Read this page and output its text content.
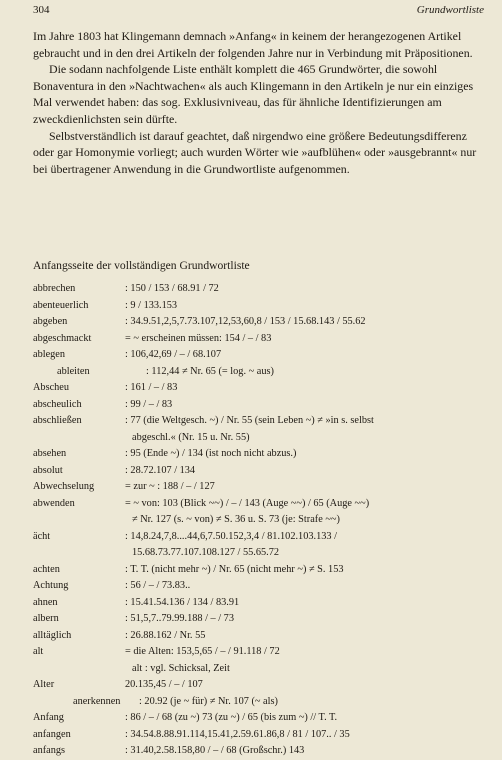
304	Grundwortliste

Im Jahre 1803 hat Klingemann demnach »Anfang« in keinem der herangezogenen Artikel gebraucht und in den drei Artikeln der folgenden Jahre nur in Verbindung mit Präpositionen.

Die sodann nachfolgende Liste enthält komplett die 465 Grundwörter, die sowohl Bonaventura in den »Nachtwachen« als auch Klingemann in den Artikeln je nur ein einziges Mal verwendet haben: das sog. Exklusivniveau, das für ähnliche Identifizierungen am zweckdienlichsten sein dürfte.

Selbstverständlich ist darauf geachtet, daß nirgendwo eine größere Bedeutungsdifferenz oder gar Homonymie vorliegt; auch wurden Wörter wie »aufblühen« oder »ausgebrannt« nur bei übertragener Anwendung in die Grundwortliste aufgenommen.

Anfangsseite der vollständigen Grundwortliste
abbrechen	: 150 / 153 / 68.91 / 72
abenteuerlich	: 9 / 133.153
abgeben	: 34.9.51,2,5,7.73.107,12,53,60,8 / 153 / 15.68.143 / 55.62
abgeschmackt	= ~ erscheinen müssen: 154 / – / 83
ablegen	: 106,42,69 / – / 68.107
ableiten	: 112,44 ≠ Nr. 65 (= log. ~ aus)
Abscheu	: 161 / – / 83
abscheulich	: 99 / – / 83
abschließen	: 77 (die Weltgesch. ~) / Nr. 55 (sein Leben ~) ≠ »in s. selbst
abgeschl.« (Nr. 15 u. Nr. 55)
absehen	: 95 (Ende ~) / 134 (ist noch nicht abzus.)
absolut	: 28.72.107 / 134
Abwechselung	= zur ~ : 188 / – / 127
abwenden	= ~ von: 103 (Blick ~~) / – / 143 (Auge ~~) / 65 (Auge ~~)
≠ Nr. 127 (s. ~ von) ≠ S. 36 u. S. 73 (je: Strafe ~~)
ächt	: 14,8.24,7,8....44,6,7.50.152,3,4 / 81.102.103.133 /
15.68.73.77.107.108.127 / 55.65.72
achten	: T. T. (nicht mehr ~) / Nr. 65 (nicht mehr ~) ≠ S. 153
Achtung	: 56 / – / 73.83..
ahnen	: 15.41.54.136 / 134 / 83.91
albern	: 51,5,7..79.99.188 / – / 73
alltäglich	: 26.88.162 / Nr. 55
alt	= die Alten: 153,5,65 / – / 91.118 / 72
alt : vgl. Schicksal, Zeit
Alter	20.135,45 / – / 107
anerkennen : 20.92 (je ~ für) ≠ Nr. 107 (~ als)
Anfang	: 86 / – / 68 (zu ~) 73 (zu ~) / 65 (bis zum ~) // T. T.
anfangen	: 34.54.8.88.91.114,15.41,2.59.61.86,8 / 81 / 107.. / 35
anfangs	: 31.40,2.58.158,80 / – / 68 (Großschr.) 143
